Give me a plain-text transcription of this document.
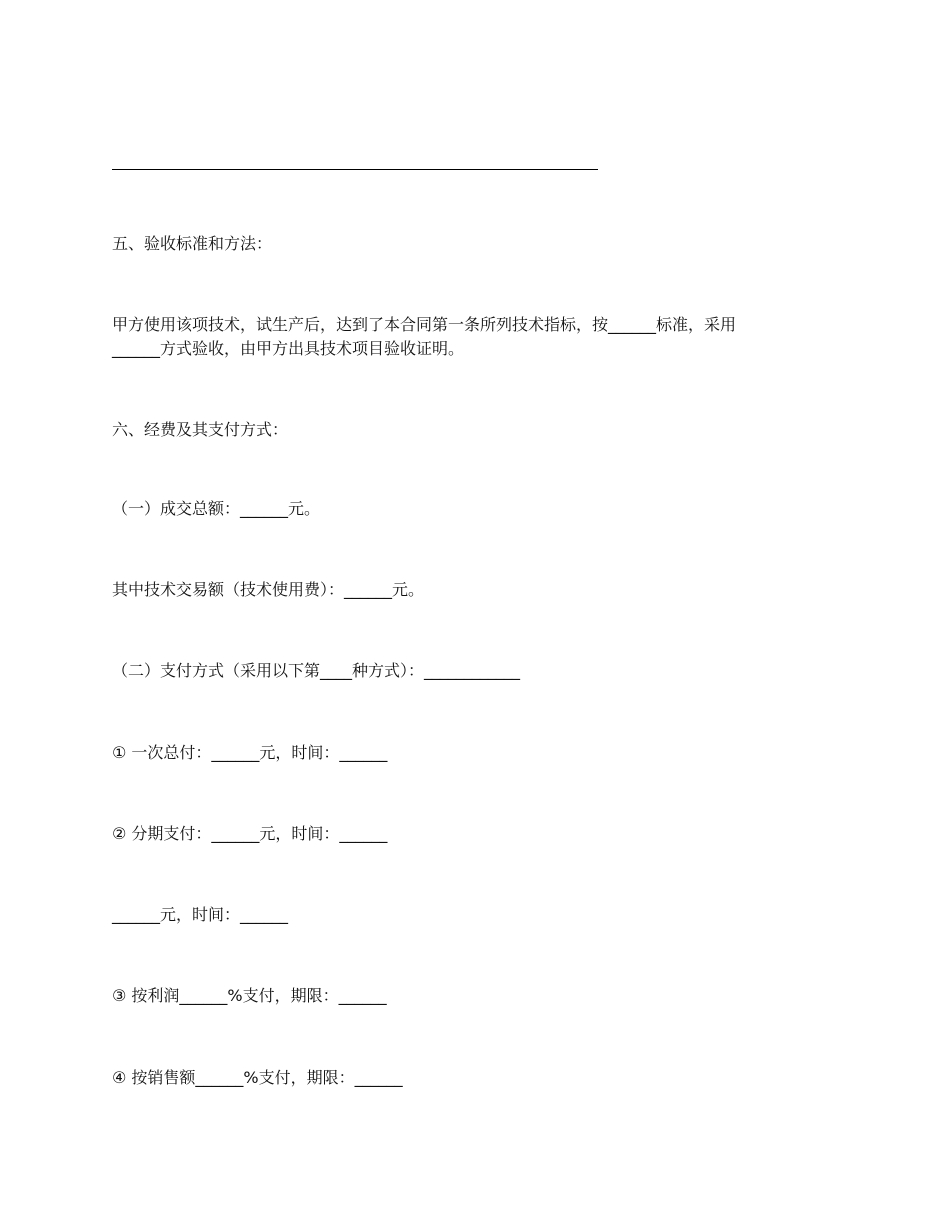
五、验收标准和方法：
甲方使用该项技术，试生产后，达到了本合同第一条所列技术指标，按______标准，采用
______方式验收，由甲方出具技术项目验收证明。
六、经费及其支付方式：
（一）成交总额：______元。
其中技术交易额（技术使用费）：______元。
（二）支付方式（采用以下第____种方式）：____________
① 一次总付：______元，时间：______
② 分期支付：______元，时间：______
______元，时间：______
③ 按利润______%支付，期限：______
④ 按销售额______%支付，期限：______
